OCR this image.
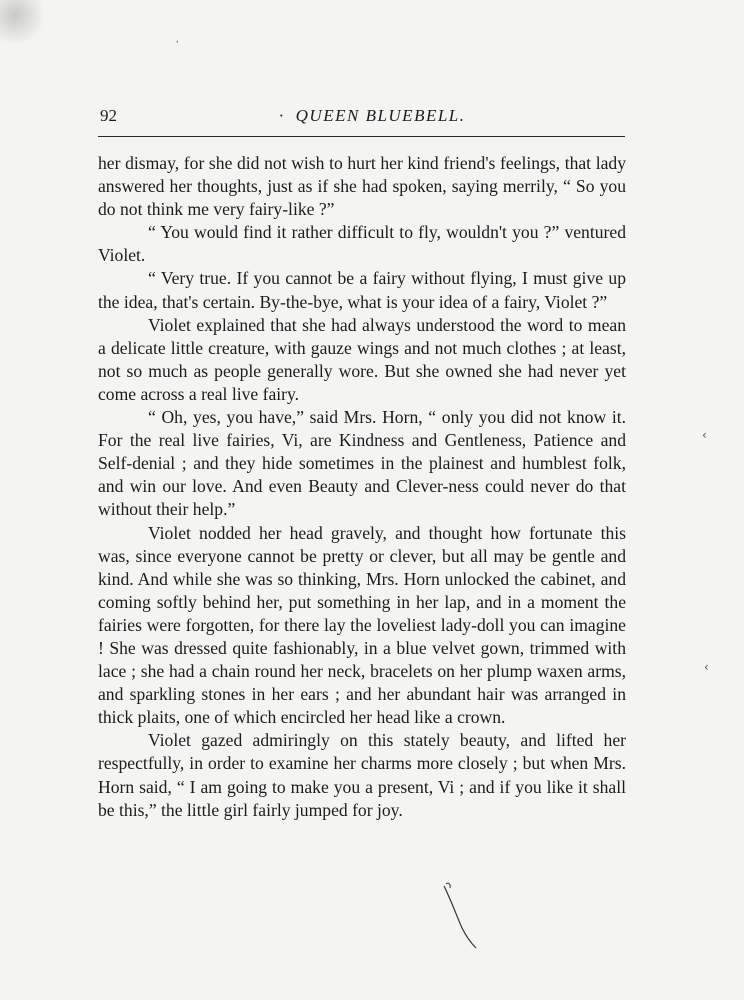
'
92	· QUEEN BLUEBELL.

her dismay, for she did not wish to hurt her kind friend's feelings, that lady answered her thoughts, just as if she had spoken, saying merrily, “ So you do not think me very fairy-like ?”

“ You would find it rather difficult to fly, wouldn't you ?” ventured Violet.

“ Very true. If you cannot be a fairy without flying, I must give up the idea, that's certain. By-the-bye, what is your idea of a fairy, Violet ?”

Violet explained that she had always understood the word to mean a delicate little creature, with gauze wings and not much clothes ; at least, not so much as people generally wore. But she owned she had never yet come across a real live fairy.

“ Oh, yes, you have,” said Mrs. Horn, “ only you did not know it. For the real live fairies, Vi, are Kindness and Gentleness, Patience and Self-denial ; and they hide sometimes in the plainest and humblest folk, and win our love. And even Beauty and Clever-ness could never do that without their help.”

Violet nodded her head gravely, and thought how fortunate this was, since everyone cannot be pretty or clever, but all may be gentle and kind. And while she was so thinking, Mrs. Horn unlocked the cabinet, and coming softly behind her, put something in her lap, and in a moment the fairies were forgotten, for there lay the loveliest lady-doll you can imagine ! She was dressed quite fashionably, in a blue velvet gown, trimmed with lace ; she had a chain round her neck, bracelets on her plump waxen arms, and sparkling stones in her ears ; and her abundant hair was arranged in thick plaits, one of which encircled her head like a crown.

Violet gazed admiringly on this stately beauty, and lifted her respectfully, in order to examine her charms more closely ; but when Mrs. Horn said, “ I am going to make you a present, Vi ; and if you like it shall be this,” the little girl fairly jumped for joy.

‹
‹
